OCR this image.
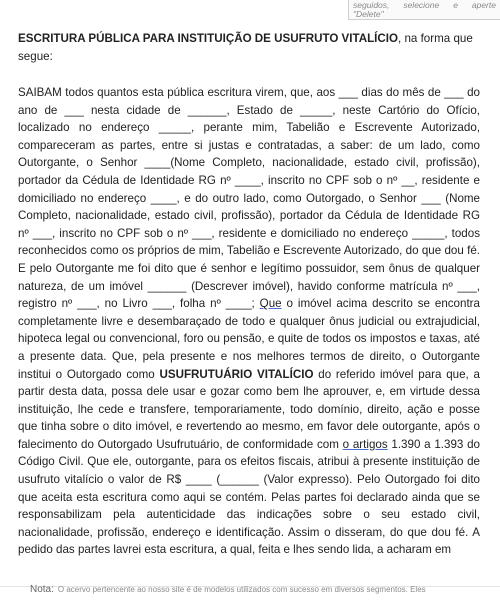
seguidos, selecione e aperte
"Delete"

ESCRITURA PÚBLICA PARA INSTITUIÇÃO DE USUFRUTO VITALÍCIO, na forma que segue:

SAIBAM todos quantos esta pública escritura virem, que, aos ___ dias do mês de ___ do ano de ___ nesta cidade de ______, Estado de _____, neste Cartório do Ofício, localizado no endereço _____, perante mim, Tabelião e Escrevente Autorizado, compareceram as partes, entre si justas e contratadas, a saber: de um lado, como Outorgante, o Senhor ____(Nome Completo, nacionalidade, estado civil, profissão), portador da Cédula de Identidade RG nº ____, inscrito no CPF sob o nº __, residente e domiciliado no endereço ____, e do outro lado, como Outorgado, o Senhor ___ (Nome Completo, nacionalidade, estado civil, profissão), portador da Cédula de Identidade RG nº ___, inscrito no CPF sob o nº ___, residente e domiciliado no endereço _____, todos reconhecidos como os próprios de mim, Tabelião e Escrevente Autorizado, do que dou fé. E pelo Outorgante me foi dito que é senhor e legítimo possuidor, sem ônus de qualquer natureza, de um imóvel ______ (Descrever imóvel), havido conforme matrícula nº ___, registro nº ___, no Livro ___, folha nº ____; Que o imóvel acima descrito se encontra completamente livre e desembaraçado de todo e qualquer ônus judicial ou extrajudicial, hipoteca legal ou convencional, foro ou pensão, e quite de todos os impostos e taxas, até a presente data. Que, pela presente e nos melhores termos de direito, o Outorgante institui o Outorgado como USUFRUTUÁRIO VITALÍCIO do referido imóvel para que, a partir desta data, possa dele usar e gozar como bem lhe aprouver, e, em virtude dessa instituição, lhe cede e transfere, temporariamente, todo domínio, direito, ação e posse que tinha sobre o dito imóvel, e revertendo ao mesmo, em favor dele outorgante, após o falecimento do Outorgado Usufrutuário, de conformidade com o artigos 1.390 a 1.393 do Código Civil. Que ele, outorgante, para os efeitos fiscais, atribui à presente instituição de usufruto vitalício o valor de R$ ____ (______ (Valor expresso). Pelo Outorgado foi dito que aceita esta escritura como aqui se contém. Pelas partes foi declarado ainda que se responsabilizam pela autenticidade das indicações sobre o seu estado civil, nacionalidade, profissão, endereço e identificação. Assim o disseram, do que dou fé. A pedido das partes lavrei esta escritura, a qual, feita e lhes sendo lida, a acharam em

Nota: O acervo pertencente ao nosso site é de modelos utilizados com sucesso em diversos segmentos. Eles
